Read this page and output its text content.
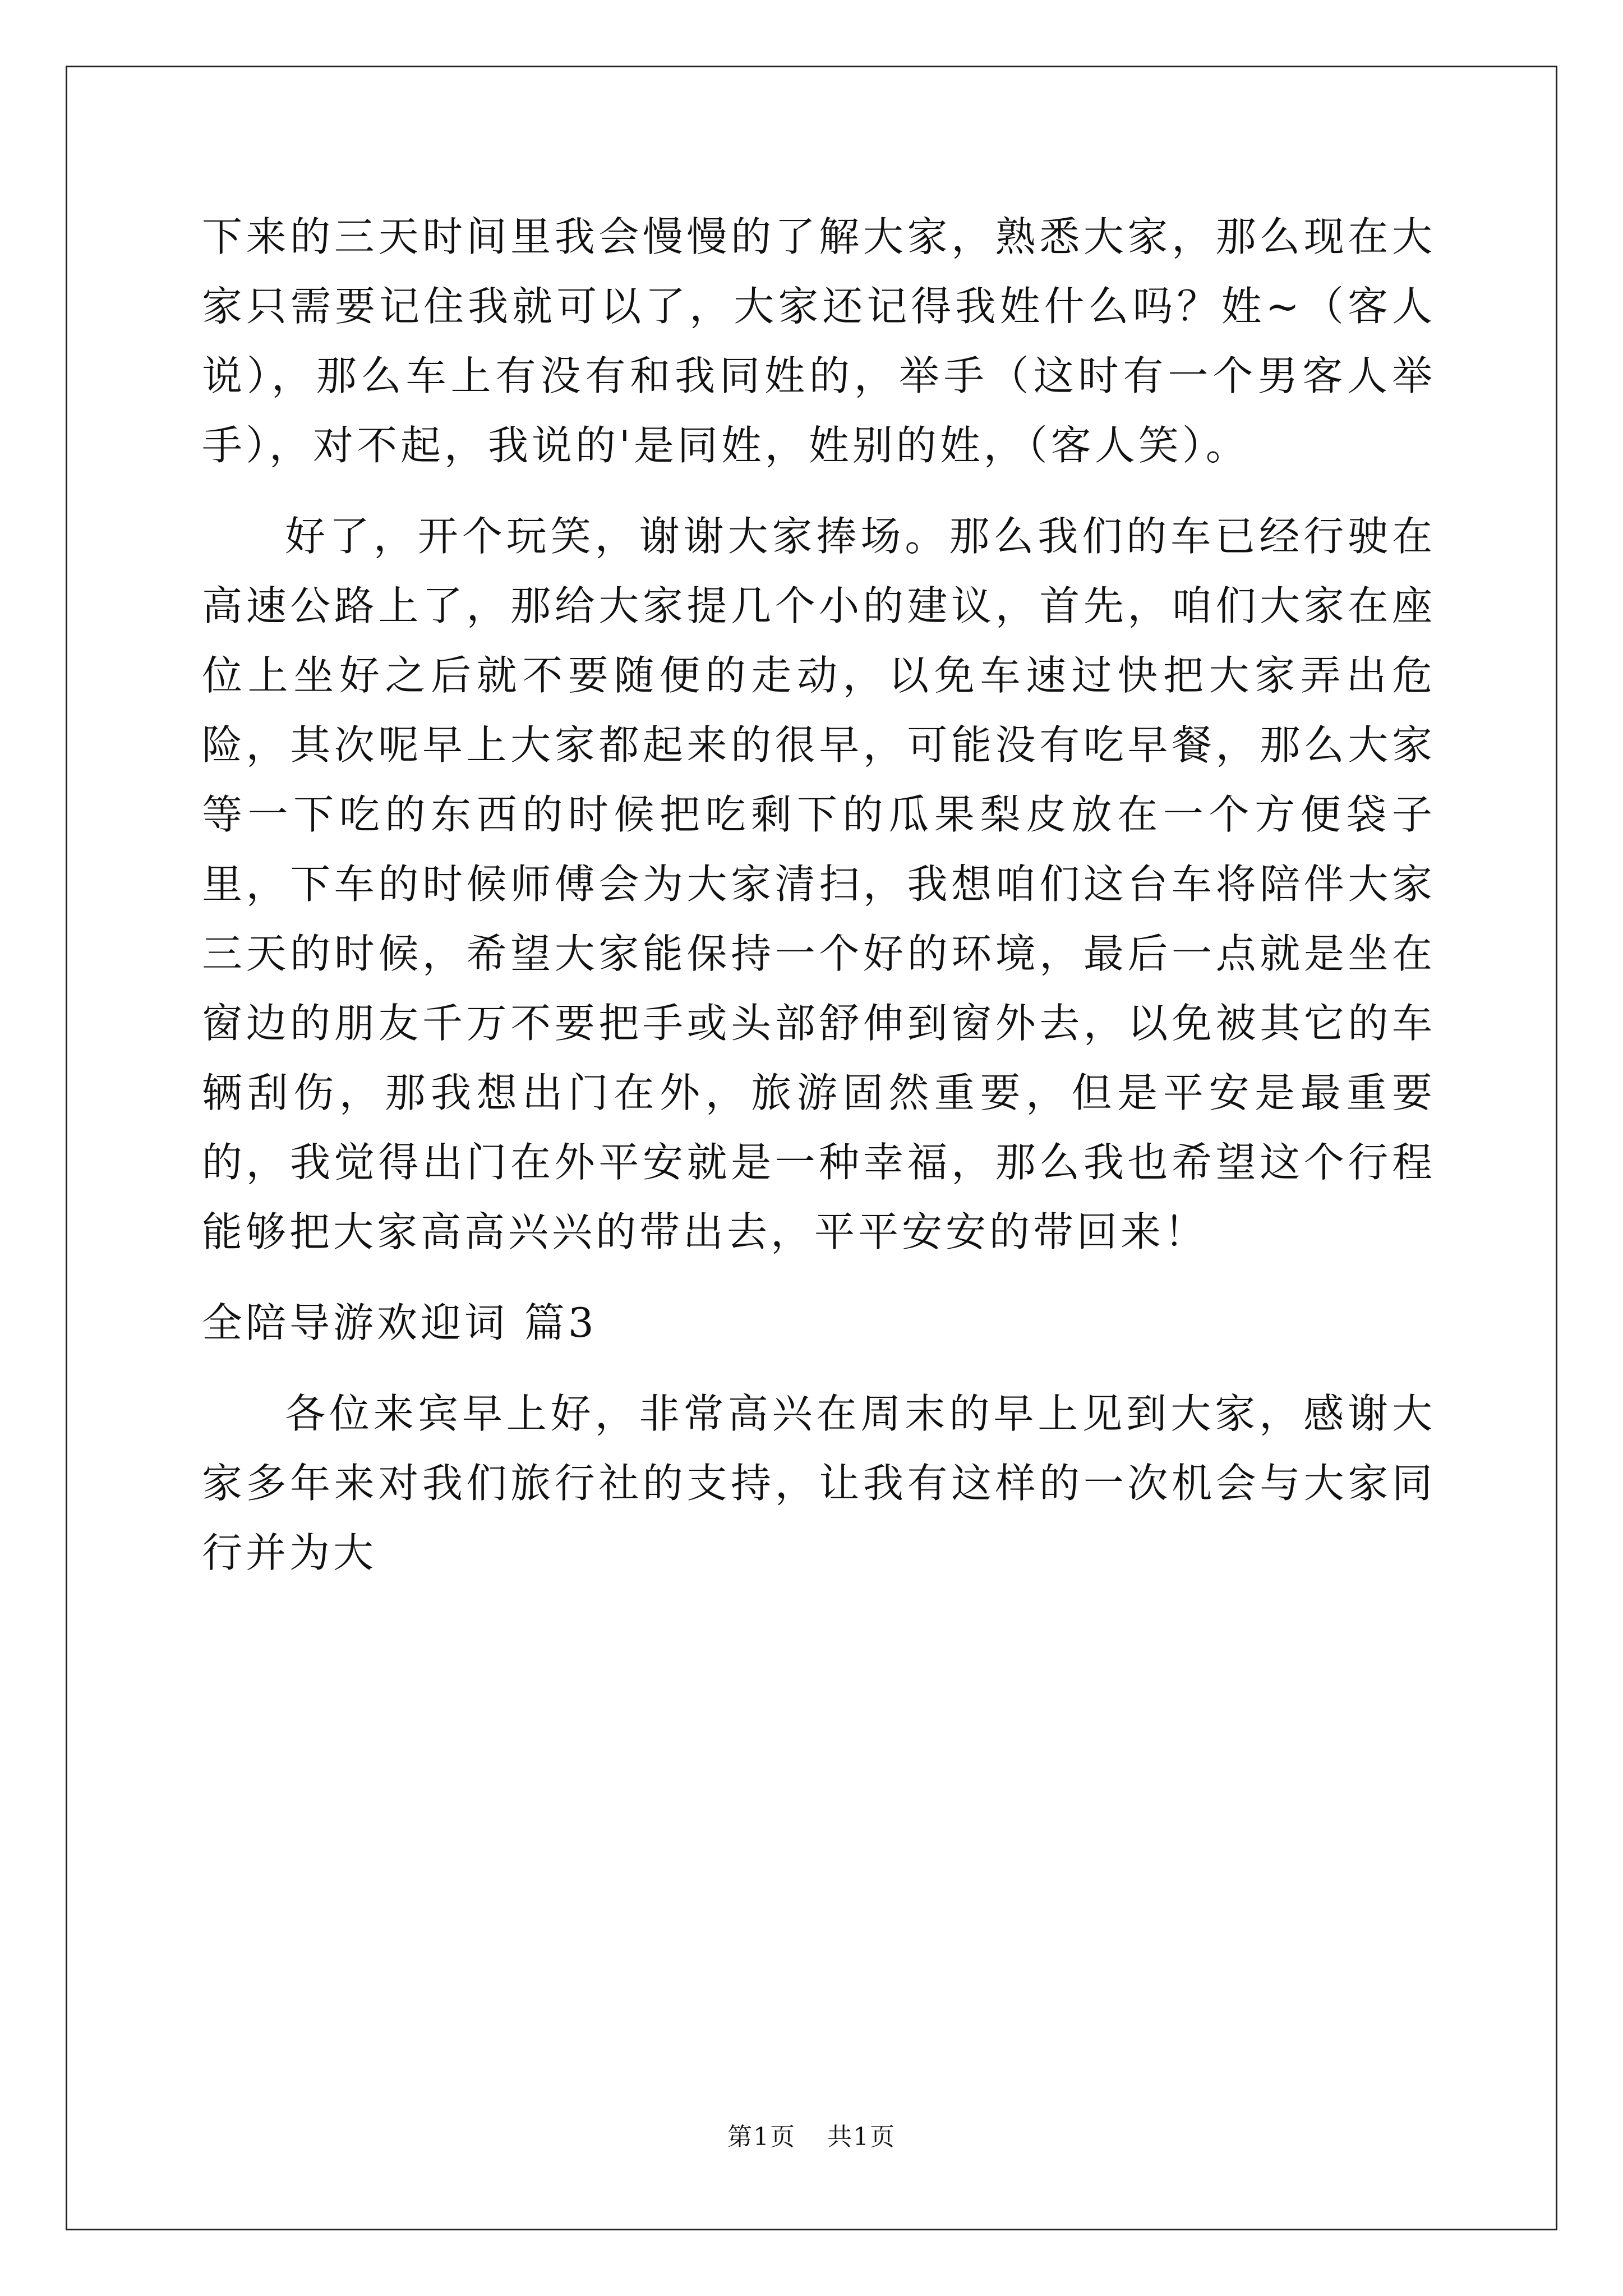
下来的三天时间里我会慢慢的了解大家，熟悉大家，那么现在大家只需要记住我就可以了，大家还记得我姓什么吗？姓~（客人说），那么车上有没有和我同姓的，举手（这时有一个男客人举手），对不起，我说的'是同姓，姓别的姓，（客人笑）。

好了，开个玩笑，谢谢大家捧场。那么我们的车已经行驶在高速公路上了，那给大家提几个小的建议，首先，咱们大家在座位上坐好之后就不要随便的走动，以免车速过快把大家弄出危险，其次呢早上大家都起来的很早，可能没有吃早餐，那么大家等一下吃的东西的时候把吃剩下的瓜果梨皮放在一个方便袋子里，下车的时候师傅会为大家清扫，我想咱们这台车将陪伴大家三天的时候，希望大家能保持一个好的环境，最后一点就是坐在窗边的朋友千万不要把手或头部舒伸到窗外去，以免被其它的车辆刮伤，那我想出门在外，旅游固然重要，但是平安是最重要的，我觉得出门在外平安就是一种幸福，那么我也希望这个行程能够把大家高高兴兴的带出去，平平安安的带回来！

全陪导游欢迎词 篇3

各位来宾早上好，非常高兴在周末的早上见到大家，感谢大家多年来对我们旅行社的支持，让我有这样的一次机会与大家同行并为大

第1页 共1页
